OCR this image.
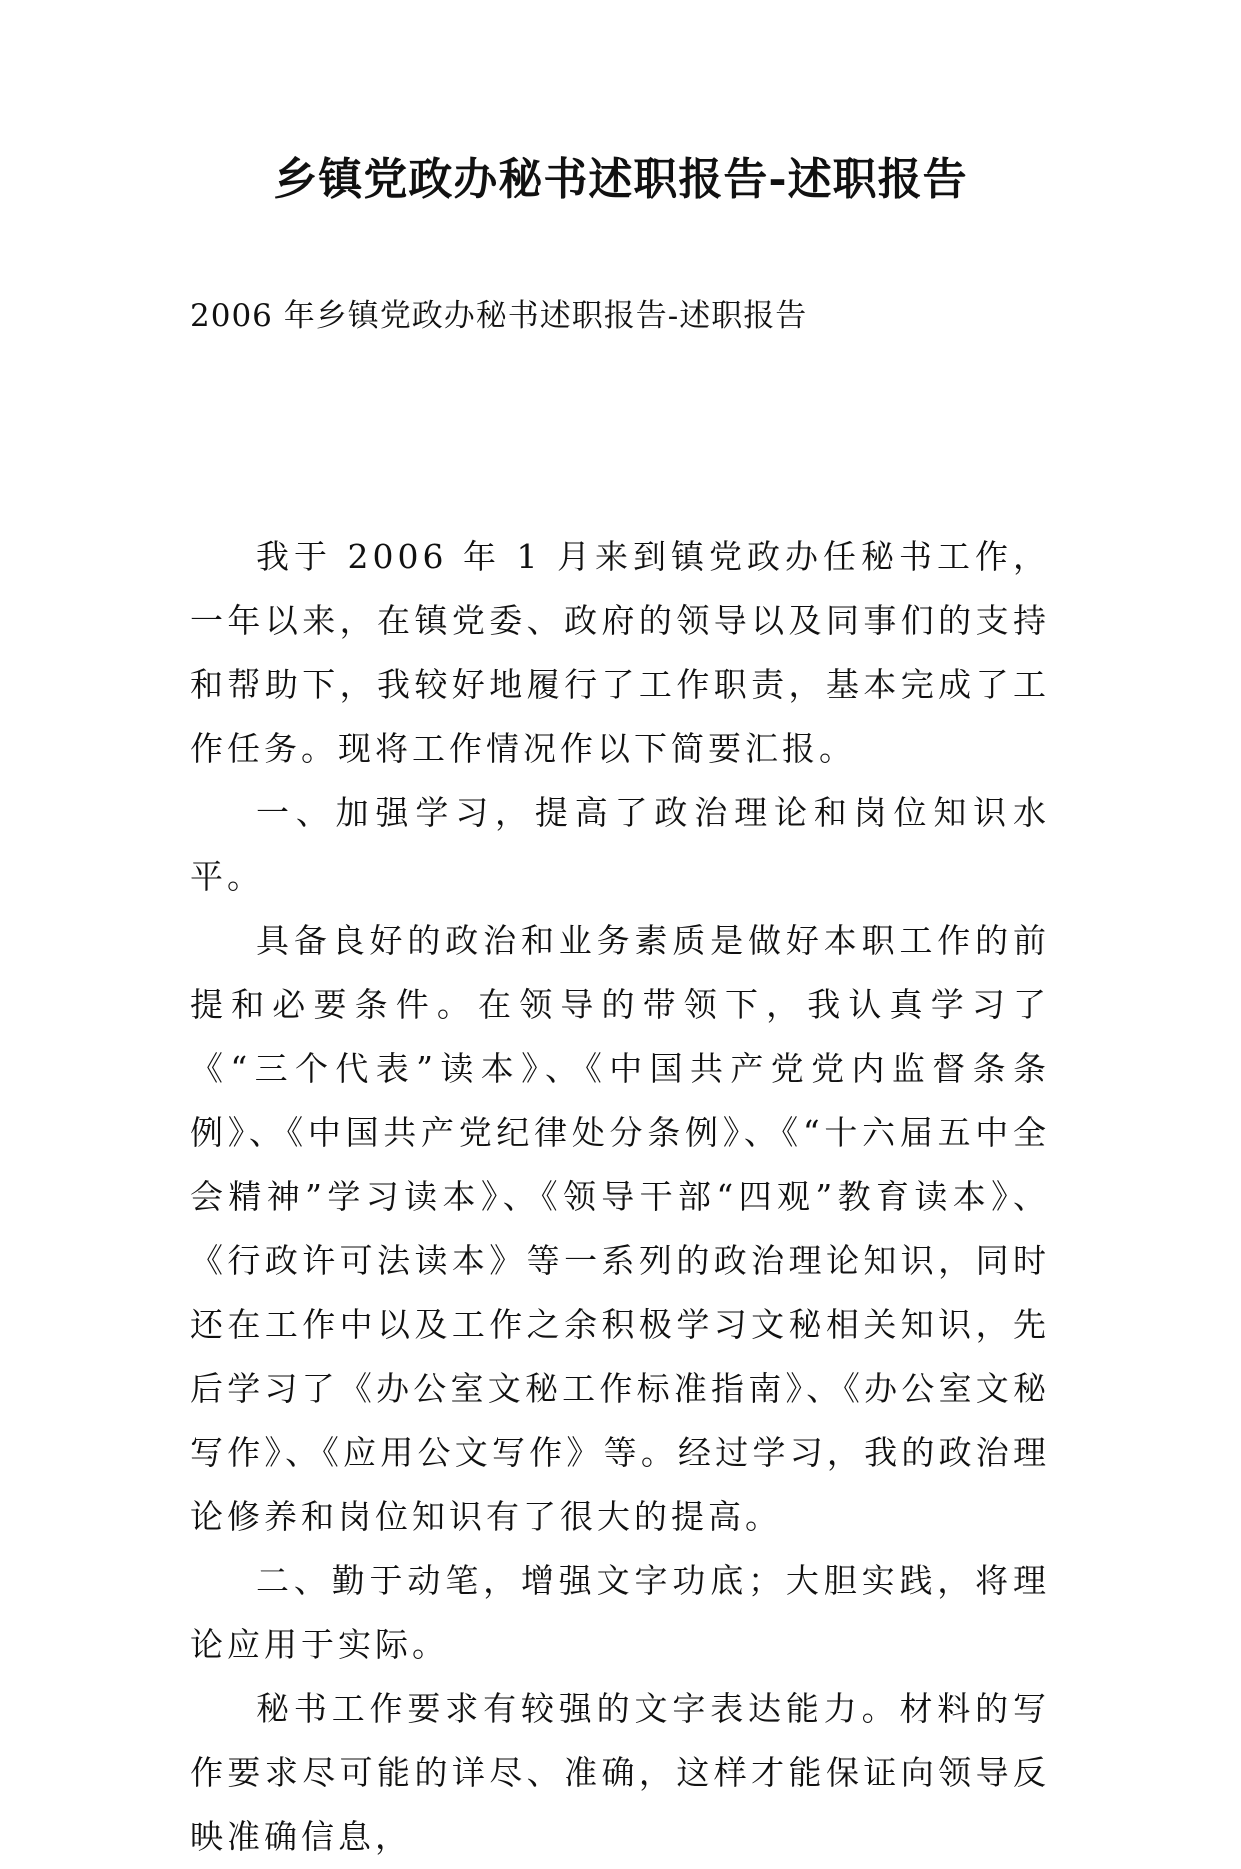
乡镇党政办秘书述职报告-述职报告
2006 年乡镇党政办秘书述职报告-述职报告

我于 2006 年 1 月来到镇党政办任秘书工作，一年以来，在镇党委、政府的领导以及同事们的支持和帮助下，我较好地履行了工作职责，基本完成了工作任务。现将工作情况作以下简要汇报。

一、加强学习，提高了政治理论和岗位知识水平。

具备良好的政治和业务素质是做好本职工作的前提和必要条件。在领导的带领下，我认真学习了《“三个代表”读本》、《中国共产党党内监督条条例》、《中国共产党纪律处分条例》、《“十六届五中全会精神”学习读本》、《领导干部“四观”教育读本》、《行政许可法读本》等一系列的政治理论知识，同时还在工作中以及工作之余积极学习文秘相关知识，先后学习了《办公室文秘工作标准指南》、《办公室文秘写作》、《应用公文写作》等。经过学习，我的政治理论修养和岗位知识有了很大的提高。

二、勤于动笔，增强文字功底；大胆实践，将理论应用于实际。

秘书工作要求有较强的文字表达能力。材料的写作要求尽可能的详尽、准确，这样才能保证向领导反映准确信息，
